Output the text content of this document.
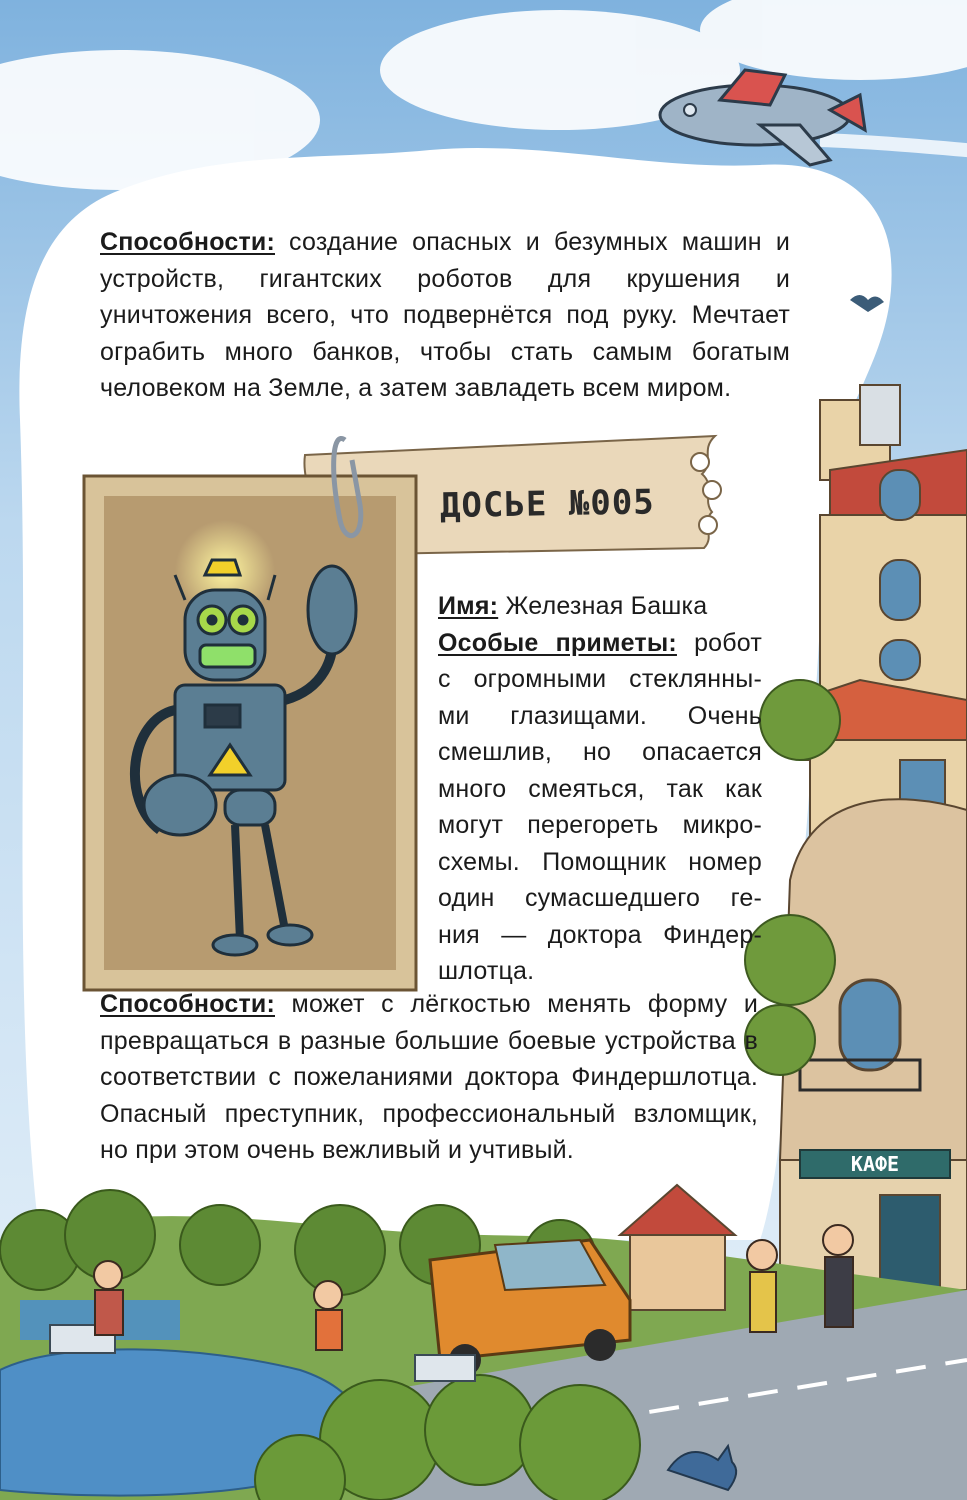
КАФЕ

Способности: создание опасных и безумных машин и устройств, гигантских роботов для крушения и уничтожения всего, что подвернётся под руку. Мечтает ограбить много банков, чтобы стать самым богатым человеком на Земле, а затем завладеть всем миром.

ДОСЬЕ №005
Имя: Железная Башка
Особые приметы: робот
с огромными стеклянны-
ми глазищами. Очень
смешлив, но опасается
много смеяться, так как
могут перегореть микро-
схемы. Помощник номер
один сумасшедшего ге-
ния — доктора Финдер-
шлотца.

Способности: может с лёгкостью менять форму и превращаться в разные большие боевые устройства в соответствии с пожеланиями доктора Финдершлотца. Опасный преступник, профессиональный взломщик, но при этом очень вежливый и учтивый.
